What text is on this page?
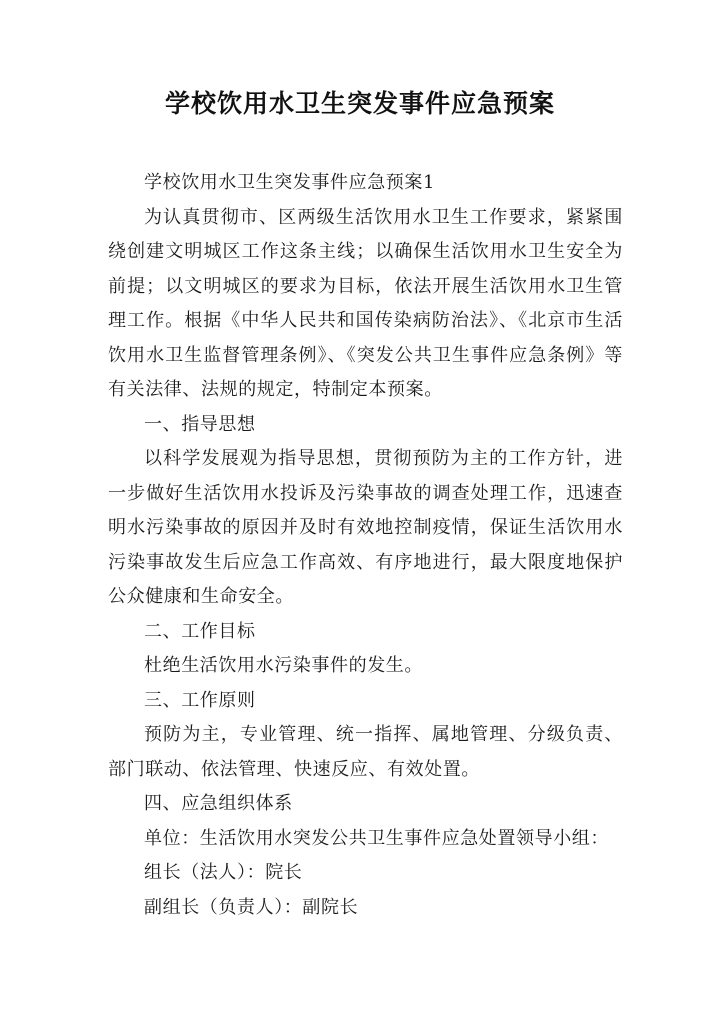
学校饮用水卫生突发事件应急预案

学校饮用水卫生突发事件应急预案1

为认真贯彻市、区两级生活饮用水卫生工作要求，紧紧围绕创建文明城区工作这条主线；以确保生活饮用水卫生安全为前提；以文明城区的要求为目标，依法开展生活饮用水卫生管理工作。根据《中华人民共和国传染病防治法》、《北京市生活饮用水卫生监督管理条例》、《突发公共卫生事件应急条例》等有关法律、法规的规定，特制定本预案。

一、指导思想

以科学发展观为指导思想，贯彻预防为主的工作方针，进一步做好生活饮用水投诉及污染事故的调查处理工作，迅速查明水污染事故的原因并及时有效地控制疫情，保证生活饮用水污染事故发生后应急工作高效、有序地进行，最大限度地保护公众健康和生命安全。

二、工作目标

杜绝生活饮用水污染事件的发生。

三、工作原则

预防为主，专业管理、统一指挥、属地管理、分级负责、部门联动、依法管理、快速反应、有效处置。

四、应急组织体系

单位：生活饮用水突发公共卫生事件应急处置领导小组：

组长（法人）：院长

副组长（负责人）：副院长
